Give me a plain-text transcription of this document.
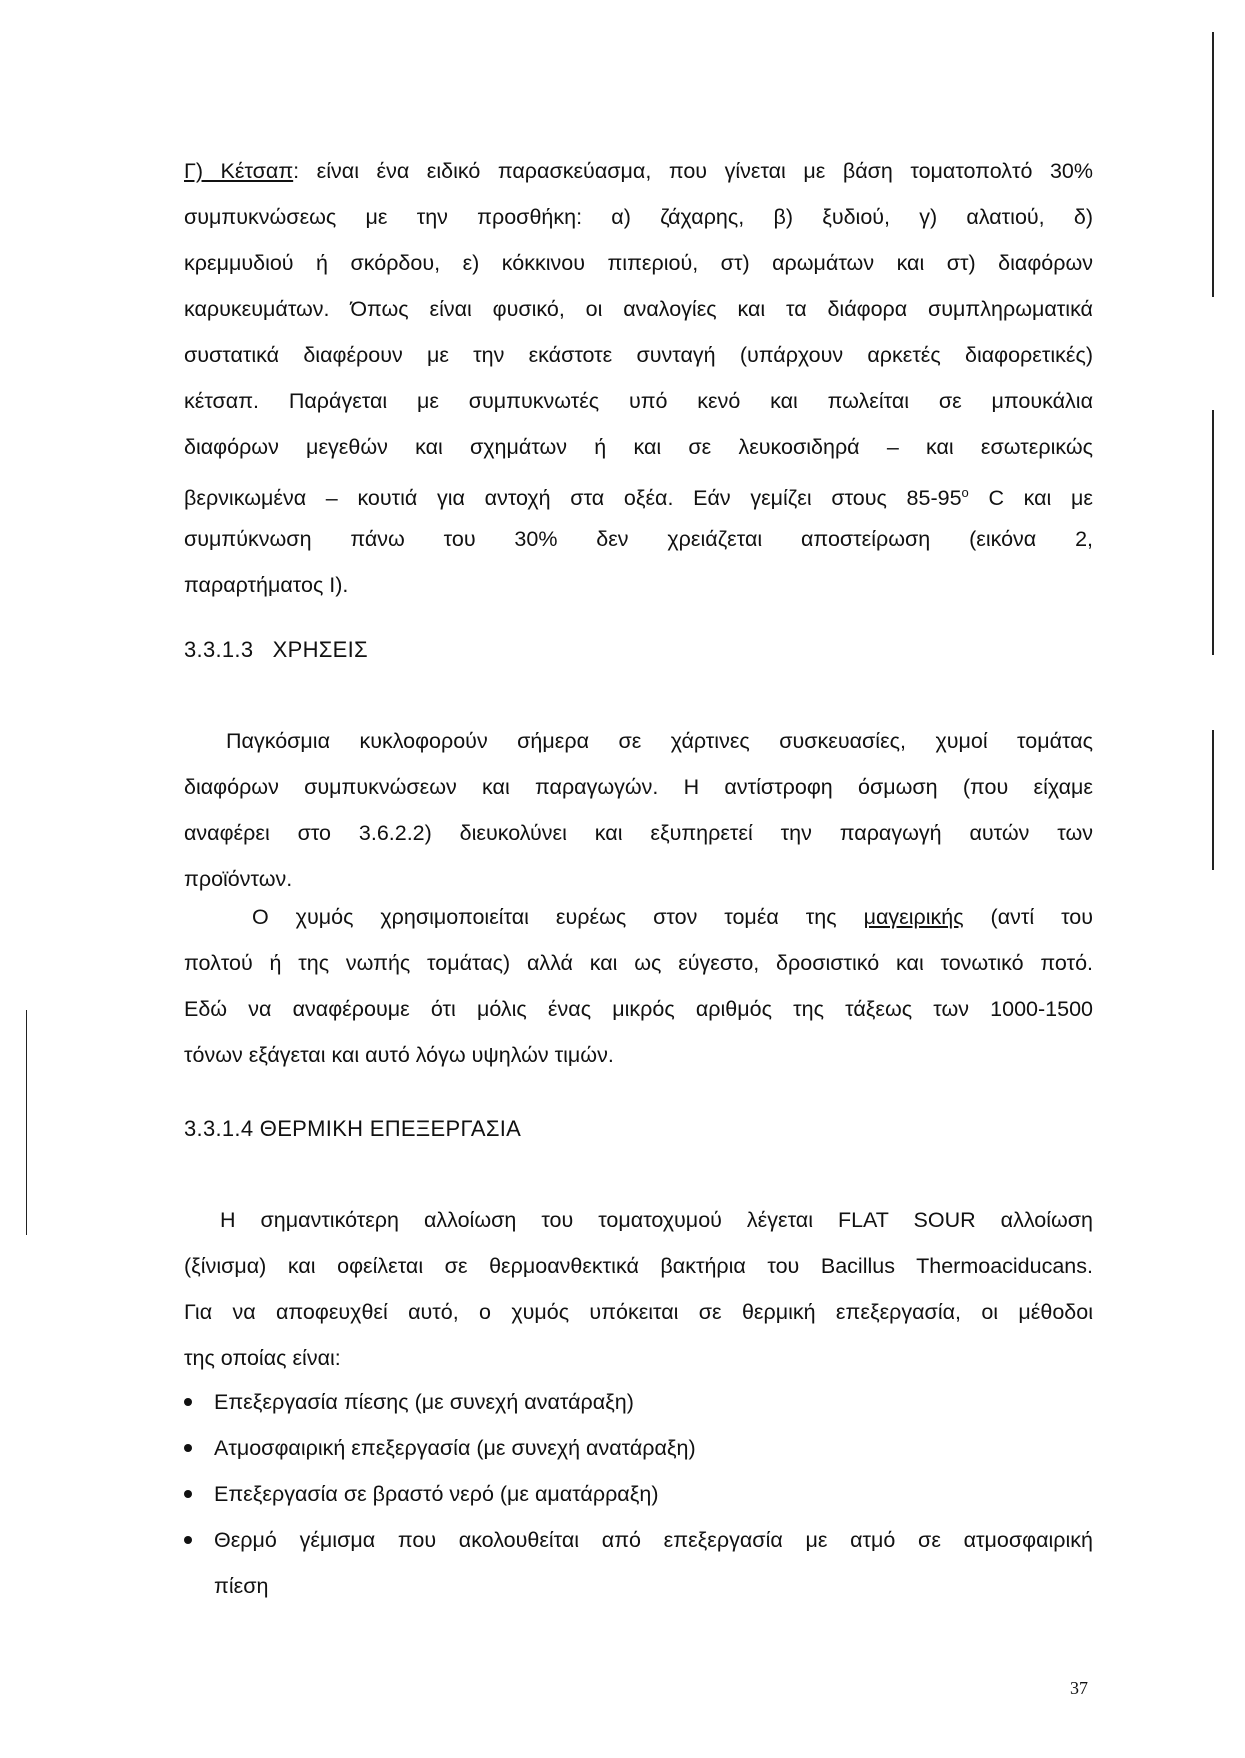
Γ) Κέτσαπ: είναι ένα ειδικό παρασκεύασμα, που γίνεται με βάση τοματοπολτό 30%
συμπυκνώσεως με την προσθήκη: α) ζάχαρης, β) ξυδιού, γ) αλατιού, δ)
κρεμμυδιού ή σκόρδου, ε) κόκκινου πιπεριού, στ) αρωμάτων και στ) διαφόρων
καρυκευμάτων. Όπως είναι φυσικό, οι αναλογίες και τα διάφορα συμπληρωματικά
συστατικά διαφέρουν με την εκάστοτε συνταγή (υπάρχουν αρκετές διαφορετικές)
κέτσαπ. Παράγεται με συμπυκνωτές υπό κενό και πωλείται σε μπουκάλια
διαφόρων μεγεθών και σχημάτων ή και σε λευκοσιδηρά – και εσωτερικώς
βερνικωμένα – κουτιά για αντοχή στα οξέα. Εάν γεμίζει στους $85-95^o$ C και με
συμπύκνωση πάνω του 30% δεν χρειάζεται αποστείρωση (εικόνα 2,
παραρτήματος Ι).
3.3.1.3   ΧΡΗΣΕΙΣ
Παγκόσμια κυκλοφορούν σήμερα σε χάρτινες συσκευασίες, χυμοί τομάτας
διαφόρων συμπυκνώσεων και παραγωγών. Η αντίστροφη όσμωση (που είχαμε
αναφέρει στο 3.6.2.2) διευκολύνει και εξυπηρετεί την παραγωγή αυτών των
προϊόντων.
Ο χυμός χρησιμοποιείται ευρέως στον τομέα της μαγειρικής (αντί του
πολτού ή της νωπής τομάτας) αλλά και ως εύγεστο, δροσιστικό και τονωτικό ποτό.
Εδώ να αναφέρουμε ότι μόλις ένας μικρός αριθμός της τάξεως των 1000-1500
τόνων εξάγεται και αυτό λόγω υψηλών τιμών.
3.3.1.4 ΘΕΡΜΙΚΗ ΕΠΕΞΕΡΓΑΣΙΑ
Η σημαντικότερη αλλοίωση του τοματοχυμού λέγεται FLAT SOUR αλλοίωση
(ξίνισμα) και οφείλεται σε θερμοανθεκτικά βακτήρια του Bacillus Thermoaciducans.
Για να αποφευχθεί αυτό, ο χυμός υπόκειται σε θερμική επεξεργασία, οι μέθοδοι
της οποίας είναι:
Επεξεργασία πίεσης (με συνεχή ανατάραξη)
Ατμοσφαιρική επεξεργασία (με συνεχή ανατάραξη)
Επεξεργασία σε βραστό νερό (με αματάρραξη)
Θερμό γέμισμα που ακολουθείται από επεξεργασία με ατμό σε ατμοσφαιρική
πίεση
37
